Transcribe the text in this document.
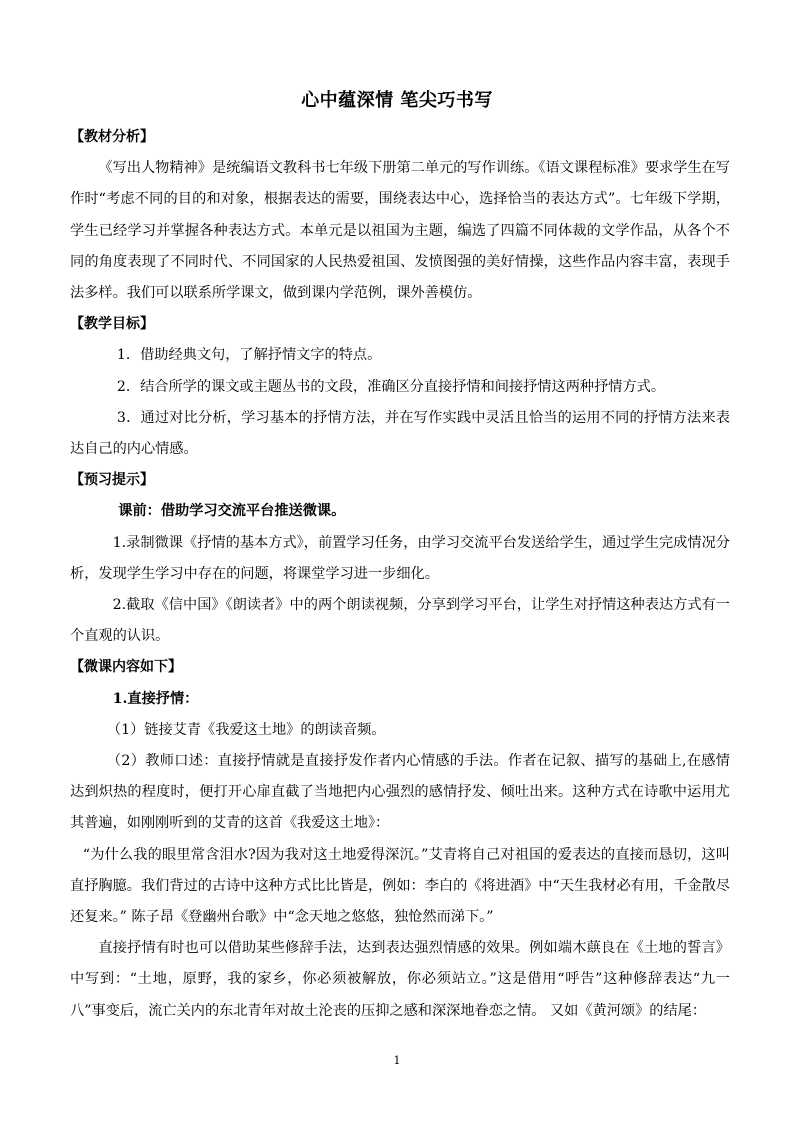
心中蕴深情 笔尖巧书写

【教材分析】

《写出人物精神》是统编语文教科书七年级下册第二单元的写作训练。《语文课程标准》要求学生在写作时“考虑不同的目的和对象，根据表达的需要，围绕表达中心，选择恰当的表达方式”。七年级下学期，学生已经学习并掌握各种表达方式。本单元是以祖国为主题，编选了四篇不同体裁的文学作品，从各个不同的角度表现了不同时代、不同国家的人民热爱祖国、发愤图强的美好情操，这些作品内容丰富，表现手法多样。我们可以联系所学课文，做到课内学范例，课外善模仿。

【教学目标】

1．借助经典文句，了解抒情文字的特点。

2．结合所学的课文或主题丛书的文段，准确区分直接抒情和间接抒情这两种抒情方式。

3．通过对比分析，学习基本的抒情方法，并在写作实践中灵活且恰当的运用不同的抒情方法来表达自己的内心情感。

【预习提示】

课前：借助学习交流平台推送微课。

1.录制微课《抒情的基本方式》，前置学习任务，由学习交流平台发送给学生，通过学生完成情况分析，发现学生学习中存在的问题，将课堂学习进一步细化。

2.截取《信中国》《朗读者》中的两个朗读视频，分享到学习平台，让学生对抒情这种表达方式有一个直观的认识。

【微课内容如下】

1.直接抒情：

（1）链接艾青《我爱这土地》的朗读音频。

（2）教师口述：直接抒情就是直接抒发作者内心情感的手法。作者在记叙、描写的基础上,在感情达到炽热的程度时，便打开心扉直截了当地把内心强烈的感情抒发、倾吐出来。这种方式在诗歌中运用尤其普遍，如刚刚听到的艾青的这首《我爱这土地》：

“为什么我的眼里常含泪水?因为我对这土地爱得深沉。”艾青将自己对祖国的爱表达的直接而恳切，这叫直抒胸臆。我们背过的古诗中这种方式比比皆是，例如：李白的《将进酒》中“天生我材必有用，千金散尽还复来。” 陈子昂《登幽州台歌》中“念天地之悠悠，独怆然而涕下。”

直接抒情有时也可以借助某些修辞手法，达到表达强烈情感的效果。例如端木蕻良在《土地的誓言》中写到：“土地，原野，我的家乡，你必须被解放，你必须站立。”这是借用“呼告”这种修辞表达“九一八”事变后，流亡关内的东北青年对故土沦丧的压抑之感和深深地眷恋之情。 又如《黄河颂》的结尾：

1
